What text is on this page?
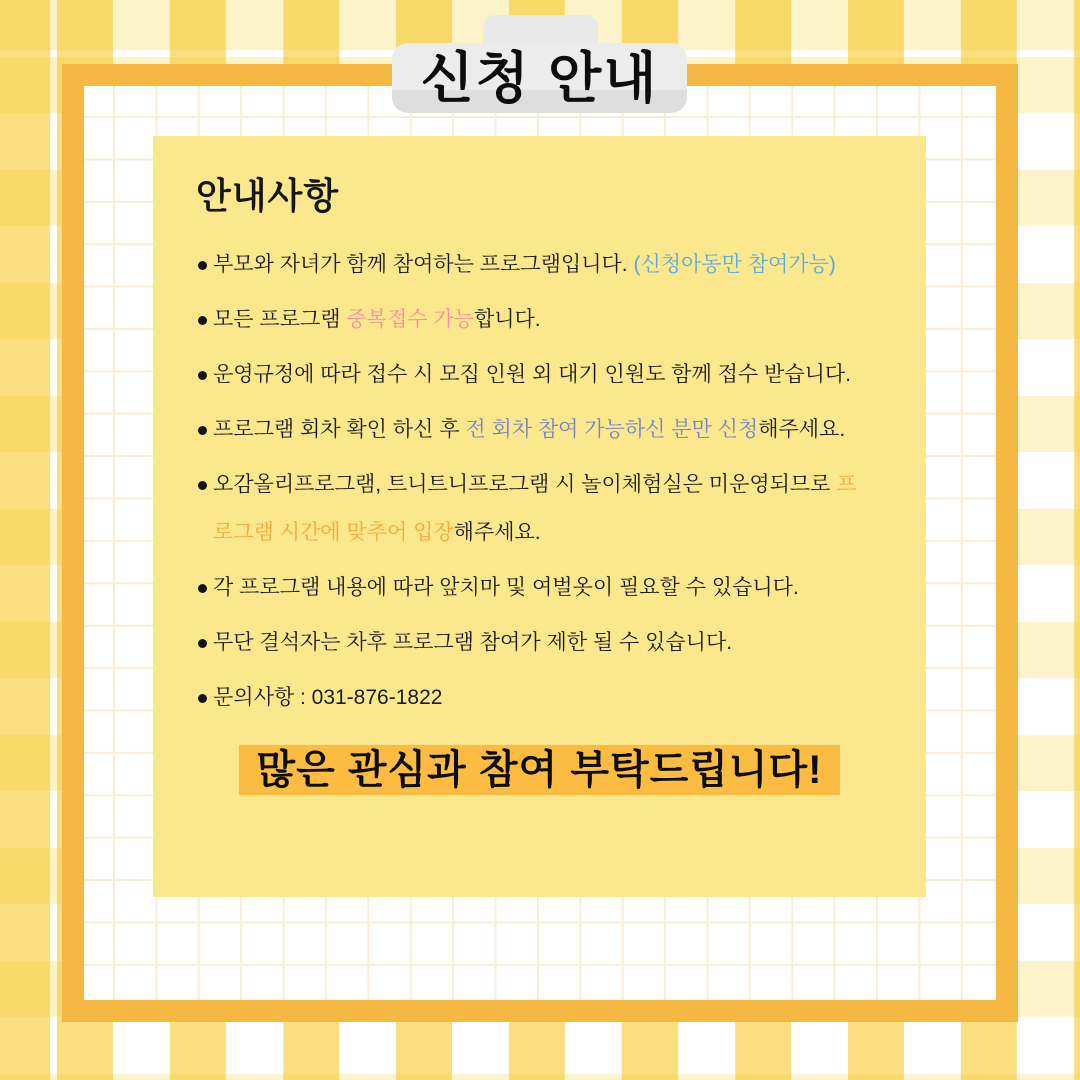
신청 안내
안내사항
부모와 자녀가 함께 참여하는 프로그램입니다. (신청아동만 참여가능)
모든 프로그램 중복접수 가능합니다.
운영규정에 따라 접수 시 모집 인원 외 대기 인원도 함께 접수 받습니다.
프로그램 회차 확인 하신 후 전 회차 참여 가능하신 분만 신청해주세요.
오감올리프로그램, 트니트니프로그램 시 놀이체험실은 미운영되므로 프로그램 시간에 맞추어 입장해주세요.
각 프로그램 내용에 따라 앞치마 및 여벌옷이 필요할 수 있습니다.
무단 결석자는 차후 프로그램 참여가 제한 될 수 있습니다.
문의사항 : 031-876-1822
많은 관심과 참여 부탁드립니다!
